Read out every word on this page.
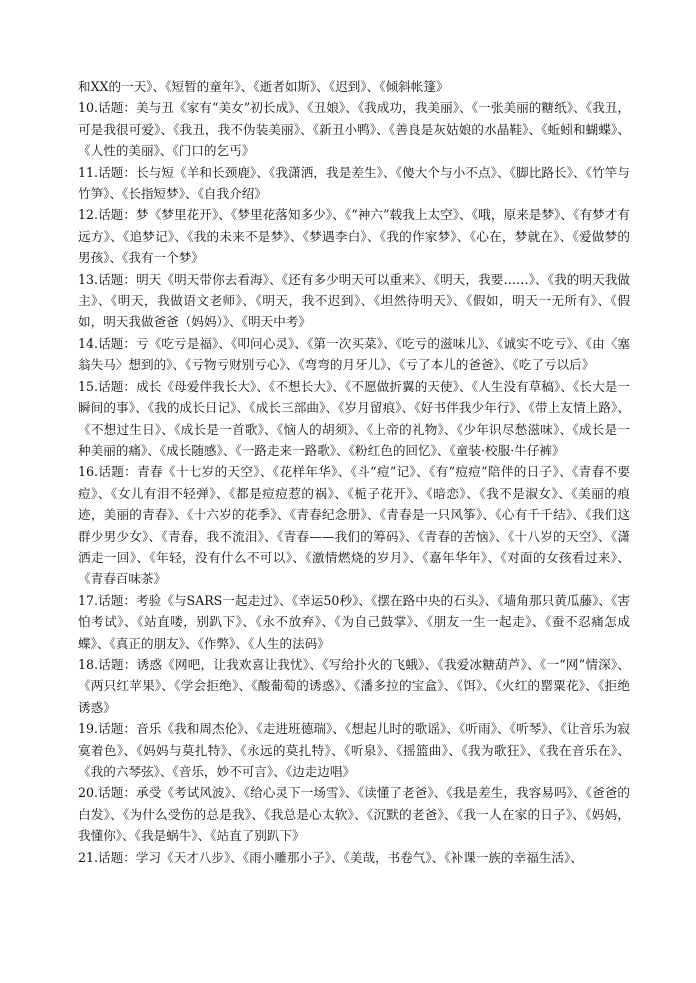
和XX的一天》、《短暂的童年》、《逝者如斯》、《迟到》、《倾斜帐篷》

10.话题：美与丑《家有“美女”初长成》、《丑娘》、《我成功，我美丽》、《一张美丽的糖纸》、《我丑，可是我很可爱》、《我丑，我不伪装美丽》、《新丑小鸭》、《善良是灰姑娘的水晶鞋》、《蚯蚓和蝴蝶》、《人性的美丽》、《门口的乞丐》

11.话题：长与短《羊和长颈鹿》、《我潇洒，我是差生》、《傻大个与小不点》、《脚比路长》、《竹竿与竹笋》、《长指短梦》、《自我介绍》

12.话题：梦《梦里花开》、《梦里花落知多少》、《“神六”载我上太空》、《哦，原来是梦》、《有梦才有远方》、《追梦记》、《我的未来不是梦》、《梦遇李白》、《我的作家梦》、《心在，梦就在》、《爱做梦的男孩》、《我有一个梦》

13.话题：明天《明天带你去看海》、《还有多少明天可以重来》、《明天，我要……》、《我的明天我做主》、《明天，我做语文老师》、《明天，我不迟到》、《坦然待明天》、《假如，明天一无所有》、《假如，明天我做爸爸（妈妈）》、《明天中考》

14.话题：亏《吃亏是福》、《叩问心灵》、《第一次买菜》、《吃亏的滋味儿》、《诚实不吃亏》、《由〈塞翁失马〉想到的》、《亏物亏财别亏心》、《弯弯的月牙儿》、《亏了本儿的爸爸》、《吃了亏以后》

15.话题：成长《母爱伴我长大》、《不想长大》、《不愿做折翼的天使》、《人生没有草稿》、《长大是一瞬间的事》、《我的成长日记》、《成长三部曲》、《岁月留痕》、《好书伴我少年行》、《带上友情上路》、《不想过生日》、《成长是一首歌》、《恼人的胡须》、《上帝的礼物》、《少年识尽愁滋味》、《成长是一种美丽的痛》、《成长随感》、《一路走来一路歌》、《粉红色的回忆》、《童装·校服·牛仔裤》

16.话题：青春《十七岁的天空》、《花样年华》、《斗“痘”记》、《有“痘痘”陪伴的日子》、《青春不要痘》、《女儿有泪不轻弹》、《都是痘痘惹的祸》、《栀子花开》、《暗恋》、《我不是淑女》、《美丽的痕迹，美丽的青春》、《十六岁的花季》、《青春纪念册》、《青春是一只风筝》、《心有千千结》、《我们这群少男少女》、《青春，我不流泪》、《青春——我们的筹码》、《青春的苦恼》、《十八岁的天空》、《潇洒走一回》、《年轻，没有什么不可以》、《激情燃烧的岁月》、《嘉年华年》、《对面的女孩看过来》、《青春百味茶》

17.话题：考验《与SARS一起走过》、《幸运50秒》、《摆在路中央的石头》、《墙角那只黄瓜藤》、《害怕考试》、《站直喽，别趴下》、《永不放弃》、《为自己鼓掌》、《朋友一生一起走》、《蚕不忍痛怎成蝶》、《真正的朋友》、《作弊》、《人生的法码》

18.话题：诱惑《网吧，让我欢喜让我忧》、《写给扑火的飞蛾》、《我爱冰糖葫芦》、《一“网”情深》、《两只红苹果》、《学会拒绝》、《酸葡萄的诱惑》、《潘多拉的宝盒》、《饵》、《火红的罂粟花》、《拒绝诱惑》

19.话题：音乐《我和周杰伦》、《走进班德瑞》、《想起儿时的歌谣》、《听雨》、《听琴》、《让音乐为寂寞着色》、《妈妈与莫扎特》、《永远的莫扎特》、《听泉》、《摇篮曲》、《我为歌狂》、《我在音乐在》、《我的六琴弦》、《音乐，妙不可言》、《边走边唱》

20.话题：承受《考试风波》、《给心灵下一场雪》、《读懂了老爸》、《我是差生，我容易吗》、《爸爸的白发》、《为什么受伤的总是我》、《我总是心太软》、《沉默的老爸》、《我一人在家的日子》、《妈妈，我懂你》、《我是蜗牛》、《站直了别趴下》

21.话题：学习《天才八步》、《雨小雕那小子》、《美哉，书卷气》、《补课一族的幸福生活》、
